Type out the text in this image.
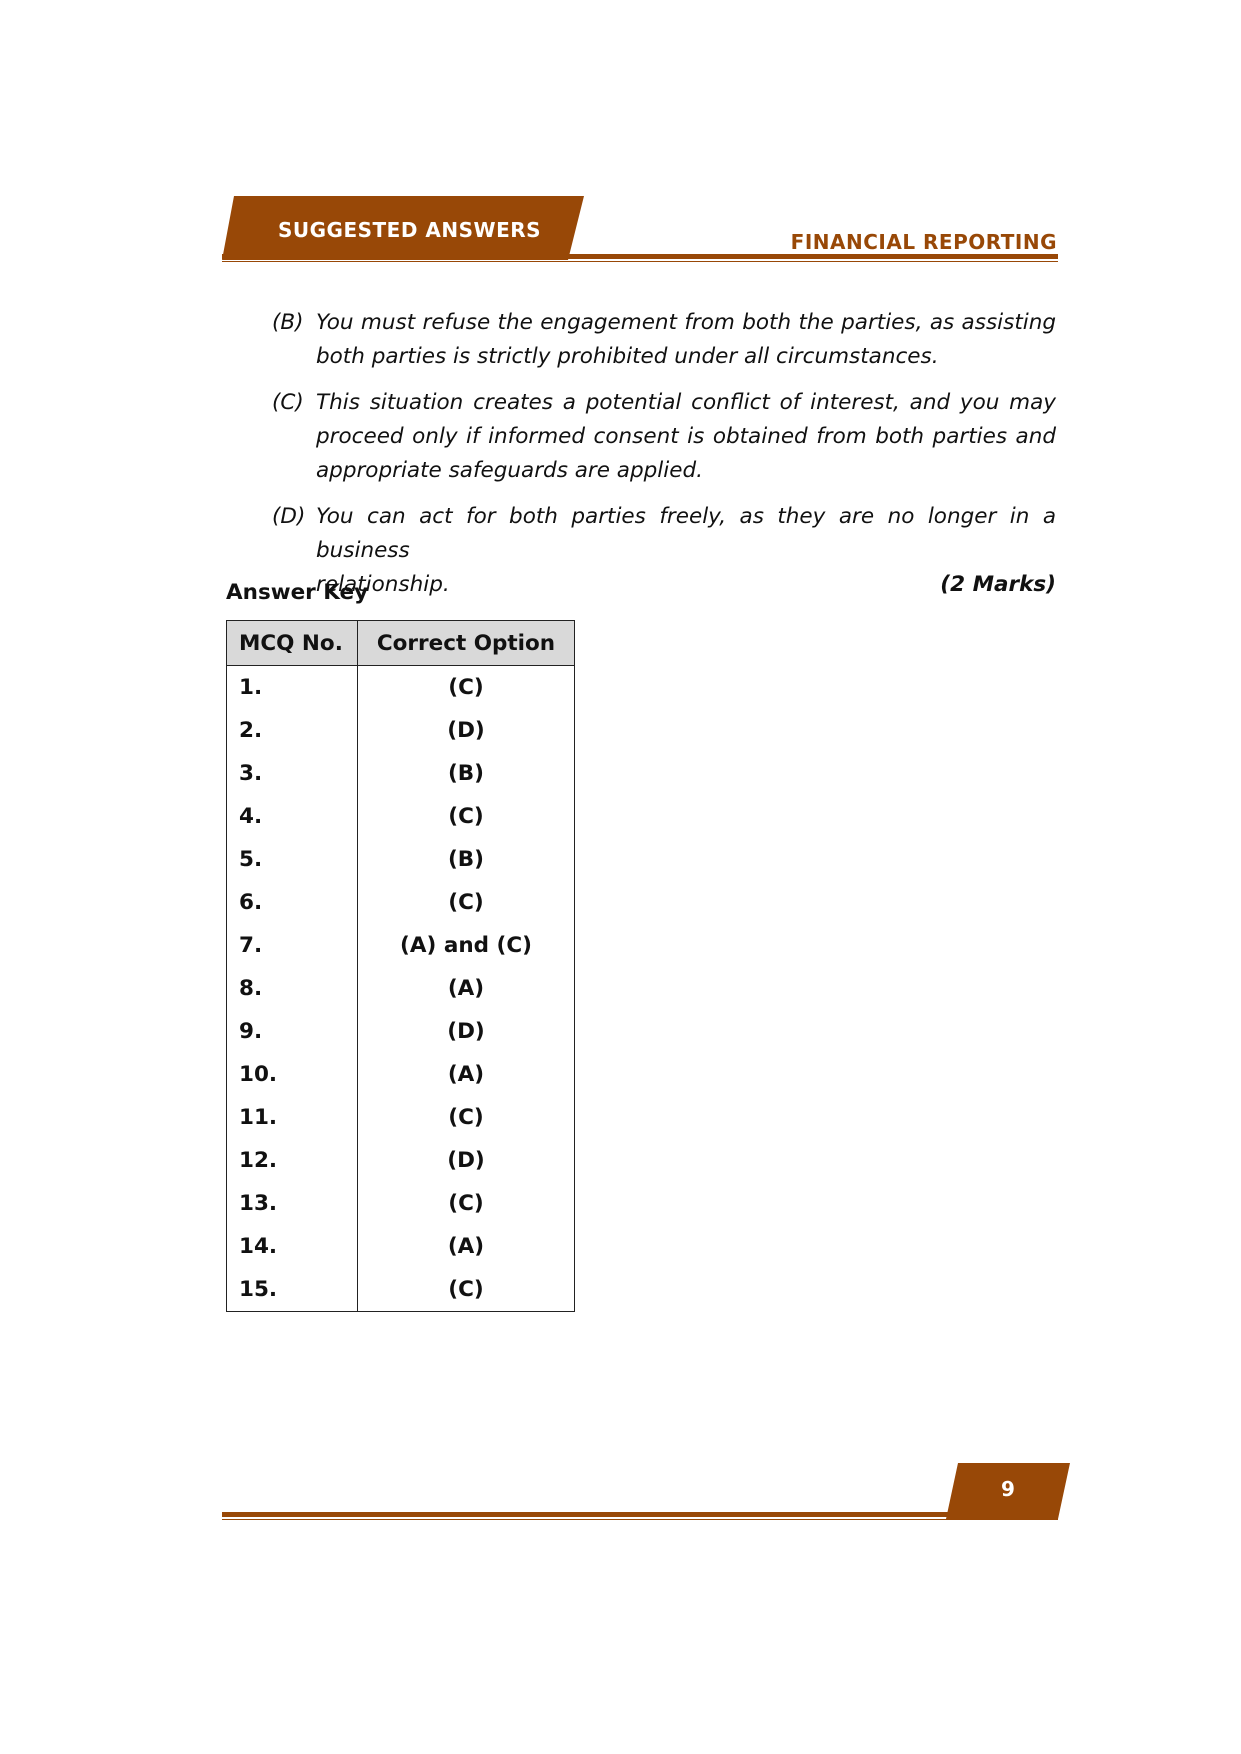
SUGGESTED ANSWERS	FINANCIAL REPORTING
(B) You must refuse the engagement from both the parties, as assisting both parties is strictly prohibited under all circumstances.
(C) This situation creates a potential conflict of interest, and you may proceed only if informed consent is obtained from both parties and appropriate safeguards are applied.
(D) You can act for both parties freely, as they are no longer in a business
relationship.	(2 Marks)
Answer Key
MCQ No.	Correct Option
1.	(C)
2.	(D)
3.	(B)
4.	(C)
5.	(B)
6.	(C)
7.	(A) and (C)
8.	(A)
9.	(D)
10.	(A)
11.	(C)
12.	(D)
13.	(C)
14.	(A)
15.	(C)
9
